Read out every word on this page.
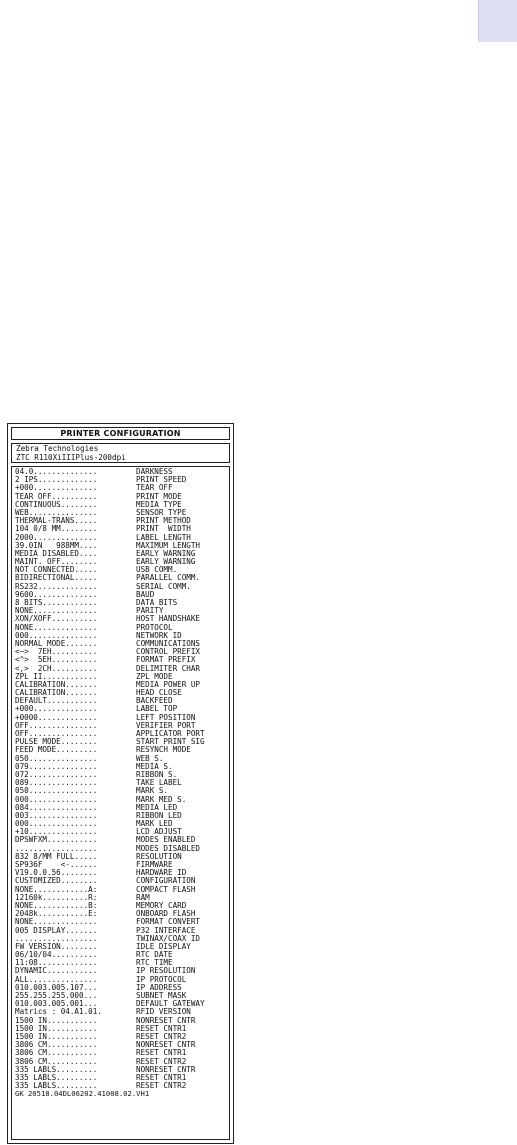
PRINTER CONFIGURATION
Zebra Technologies
ZTC R110XiIIIPlus-200dpi
04.0..............	DARKNESS
2 IPS.............	PRINT SPEED
+000..............	TEAR OFF
TEAR OFF..........	PRINT MODE
CONTINUOUS........	MEDIA TYPE
WEB...............	SENSOR TYPE
THERMAL-TRANS.....	PRINT METHOD
104 0/8 MM........	PRINT  WIDTH
2000..............	LABEL LENGTH
39.0IN   988MM....	MAXIMUM LENGTH
MEDIA DISABLED....	EARLY WARNING
MAINT. OFF........	EARLY WARNING
NOT CONNECTED.....	USB COMM.
BIDIRECTIONAL.....	PARALLEL COMM.
RS232.............	SERIAL COMM.
9600..............	BAUD
8 BITS............	DATA BITS
NONE..............	PARITY
XON/XOFF..........	HOST HANDSHAKE
NONE..............	PROTOCOL
000...............	NETWORK ID
NORMAL MODE.......	COMMUNICATIONS
<~>  7EH..........	CONTROL PREFIX
<^>  5EH..........	FORMAT PREFIX
<,>  2CH..........	DELIMITER CHAR
ZPL II............	ZPL MODE
CALIBRATION.......	MEDIA POWER UP
CALIBRATION.......	HEAD CLOSE
DEFAULT...........	BACKFEED
+000..............	LABEL TOP
+0000.............	LEFT POSITION
OFF...............	VERIFIER PORT
OFF...............	APPLICATOR PORT
PULSE MODE........	START PRINT SIG
FEED MODE.........	RESYNCH MODE
050...............	WEB S.
079...............	MEDIA S.
072...............	RIBBON S.
089...............	TAKE LABEL
050...............	MARK S.
000...............	MARK MED S.
084...............	MEDIA LED
003...............	RIBBON LED
000...............	MARK LED
+10...............	LCD ADJUST
DPSWFXM...........	MODES ENABLED
..................	MODES DISABLED
832 8/MM FULL.....	RESOLUTION
SP936F    <-......	FIRMWARE
V19.0.0.56........	HARDWARE ID
CUSTOMIZED........	CONFIGURATION
NONE............A:	COMPACT FLASH
12160k..........R:	RAM
NONE............B:	MEMORY CARD
2048k...........E:	ONBOARD FLASH
NONE..............	FORMAT CONVERT
005 DISPLAY.......	P32 INTERFACE
..................	TWINAX/COAX ID
FW VERSION........	IDLE DISPLAY
06/10/04..........	RTC DATE
11:08.............	RTC TIME
DYNAMIC...........	IP RESOLUTION
ALL...............	IP PROTOCOL
010.003.005.107...	IP ADDRESS
255.255.255.000...	SUBNET MASK
010.003.005.001...	DEFAULT GATEWAY
Matrics : 04.A1.01.	RFID VERSION
1500 IN...........	NONRESET CNTR
1500 IN...........	RESET CNTR1
1500 IN...........	RESET CNTR2
3806 CM...........	NONRESET CNTR
3806 CM...........	RESET CNTR1
3806 CM...........	RESET CNTR2
335 LABLS.........	NONRESET CNTR
335 LABLS.........	RESET CNTR1
335 LABLS.........	RESET CNTR2
GK 20518.04DL06202.41008.02.VH1
